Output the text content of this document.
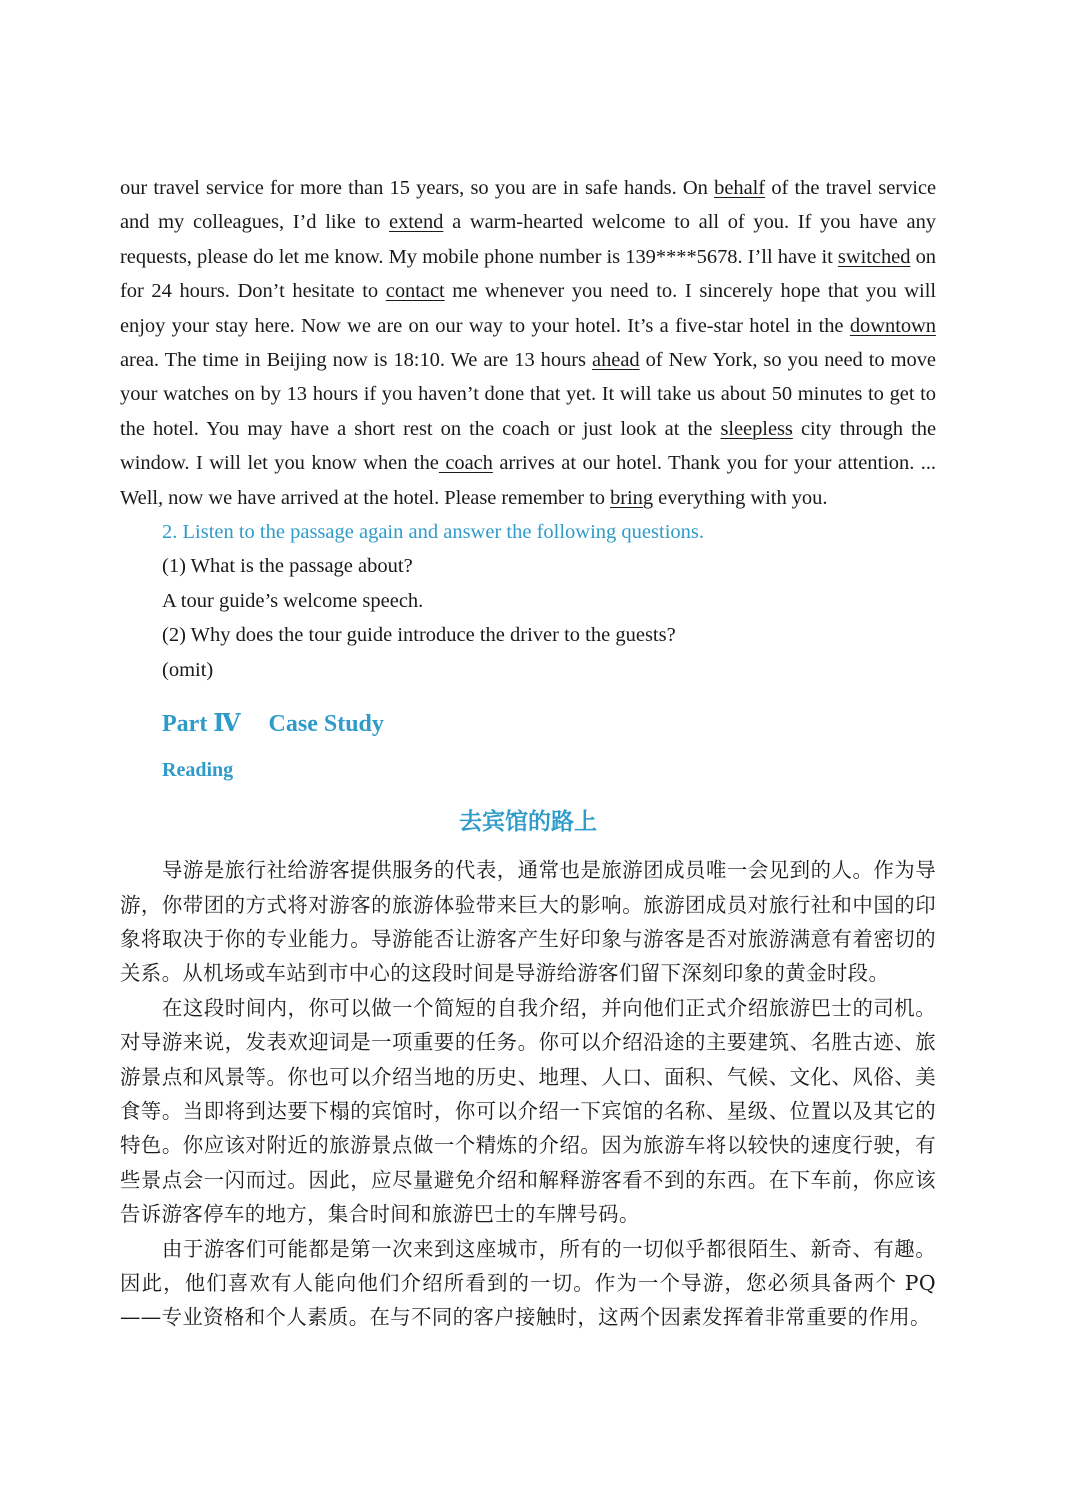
our travel service for more than 15 years, so you are in safe hands. On behalf of the travel service and my colleagues, I’d like to extend a warm-hearted welcome to all of you. If you have any requests, please do let me know. My mobile phone number is 139****5678. I’ll have it switched on for 24 hours. Don’t hesitate to contact me whenever you need to. I sincerely hope that you will enjoy your stay here. Now we are on our way to your hotel. It’s a five-star hotel in the downtown area. The time in Beijing now is 18:10. We are 13 hours ahead of New York, so you need to move your watches on by 13 hours if you haven’t done that yet. It will take us about 50 minutes to get to the hotel. You may have a short rest on the coach or just look at the sleepless city through the window. I will let you know when the coach arrives at our hotel. Thank you for your attention. ... Well, now we have arrived at the hotel. Please remember to bring everything with you.

2. Listen to the passage again and answer the following questions.

(1) What is the passage about?

A tour guide’s welcome speech.

(2) Why does the tour guide introduce the driver to the guests?

(omit)

Part Ⅳ Case Study
Reading
去宾馆的路上

导游是旅行社给游客提供服务的代表，通常也是旅游团成员唯一会见到的人。作为导游，你带团的方式将对游客的旅游体验带来巨大的影响。旅游团成员对旅行社和中国的印象将取决于你的专业能力。导游能否让游客产生好印象与游客是否对旅游满意有着密切的关系。从机场或车站到市中心的这段时间是导游给游客们留下深刻印象的黄金时段。

在这段时间内，你可以做一个简短的自我介绍，并向他们正式介绍旅游巴士的司机。对导游来说，发表欢迎词是一项重要的任务。你可以介绍沿途的主要建筑、名胜古迹、旅游景点和风景等。你也可以介绍当地的历史、地理、人口、面积、气候、文化、风俗、美食等。当即将到达要下榻的宾馆时，你可以介绍一下宾馆的名称、星级、位置以及其它的特色。你应该对附近的旅游景点做一个精炼的介绍。因为旅游车将以较快的速度行驶，有些景点会一闪而过。因此，应尽量避免介绍和解释游客看不到的东西。在下车前，你应该告诉游客停车的地方，集合时间和旅游巴士的车牌号码。

由于游客们可能都是第一次来到这座城市，所有的一切似乎都很陌生、新奇、有趣。因此，他们喜欢有人能向他们介绍所看到的一切。作为一个导游，您必须具备两个 PQ——专业资格和个人素质。在与不同的客户接触时，这两个因素发挥着非常重要的作用。
